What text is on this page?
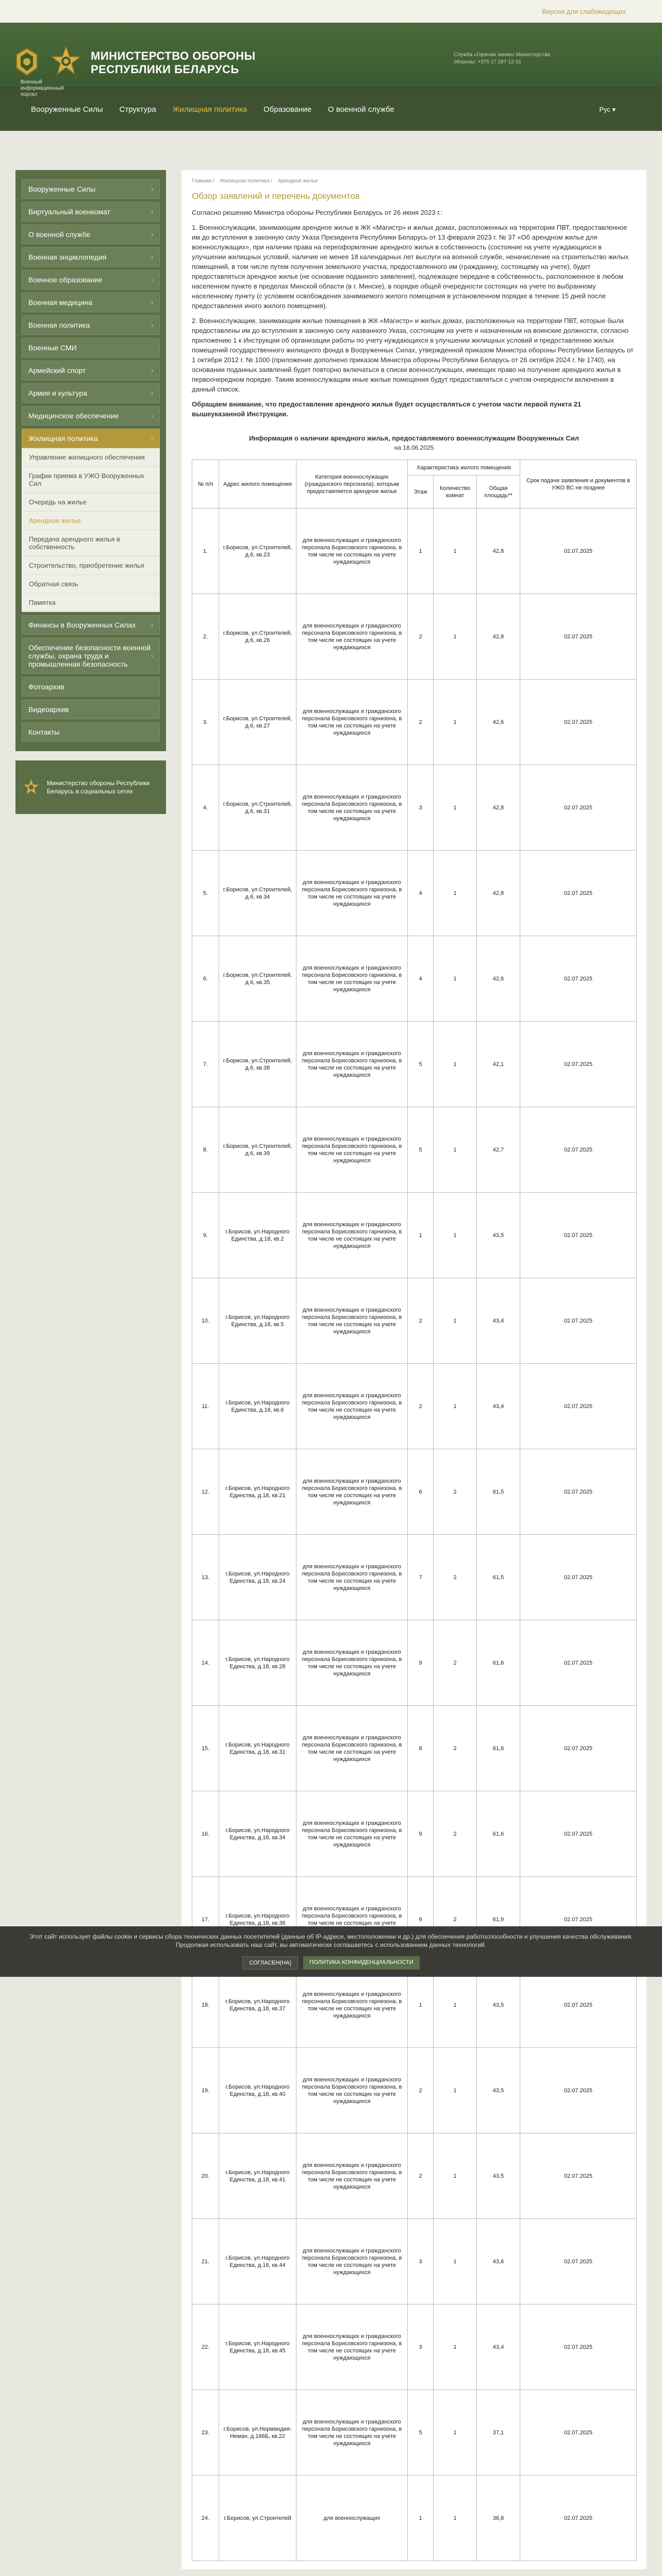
Версия для слабовидящих
Военный информационный портал
МИНИСТЕРСТВО ОБОРОНЫ
РЕСПУБЛИКИ БЕЛАРУСЬ
Служба «Горячая линия» Министерства обороны: +375 17 297-12-31
Вооруженные Силы	Структура	Жилищная политика	Образование	О военной службе	Рус ▾
Вооруженные Силы	›
Виртуальный военкомат	›
О военной службе	›
Военная энциклопедия	›
Военное образование	›
Военная медицина	›
Военная политика	›
Военные СМИ
Армейский спорт	›
Армия и культура	›
Медицинское обеспечение	›
Жилищная политика	‹
Управление жилищного обеспечения
График приема в УЖО Вооруженных Сил
Очередь на жилье
Арендное жилье
Передача арендного жилья в собственность
Строительство, приобретение жилья
Обратная связь
Памятка
Финансы в Вооруженных Силах ›
Обеспечение безопасности военной службы, охрана труда и промышленная безопасность
›
Фотоархив
Видеоархив
Контакты
Министерство обороны Республики Беларусь в социальных сетях
Главная / Жилищная политика / Арендное жилье
Обзор заявлений и перечень документов

Согласно решению Министра обороны Республики Беларусь от 26 июня 2023 г.:

1. Военнослужащим, занимающим арендное жилье в ЖК «Магистр» и жилых домах, расположенных на территории ПВТ, предоставленное им до вступления в законную силу Указа Президента Республики Беларусь от 13 февраля 2023 г. № 37 «Об арендном жилье для военнослужащих», при наличии права на переоформление арендного жилья в собственность (состояние на учете нуждающихся в улучшении жилищных условий, наличие не менее 18 календарных лет выслуги на военной службе, неначисление на строительство жилых помещений, в том числе путем получения земельного участка, предоставленного им (гражданину, состоящему на учете), будет предоставляться арендное жилье (не основание поданного заявления), подлежащее передаче в собственность, расположенное в любом населенном пункте в пределах Минской области (в г. Минске), в порядке общей очередности состоящих на учете по выбранному населенному пункту (с условием освобождения занимаемого жилого помещения в установленном порядке в течение 15 дней после предоставления иного жилого помещения).

2. Военнослужащим, занимающим жилые помещения в ЖК «Магистр» и жилых домах, расположенных на территории ПВТ, которые были предоставлены им до вступления в законную силу названного Указа, состоящим на учете и назначенным на воинские должности, согласно приложению 1 к Инструкции об организации работы по учету нуждающихся в улучшении жилищных условий и предоставлению жилых помещений государственного жилищного фонда в Вооруженных Силах, утвержденной приказом Министра обороны Республики Беларусь от 1 октября 2012 г. № 1000 (приложение дополнено приказом Министра обороны Республики Беларусь от 26 октября 2024 г. № 1740), на основании поданных заявлений будет повторно включаться в списки военнослужащих, имеющих право на получение арендного жилья в первоочередном порядке. Таким военнослужащим иные жилые помещения будут предоставляться с учетом очередности включения в данный список.

Обращаем внимание, что предоставление арендного жилья будет осуществляться с учетом части первой пункта 21 вышеуказанной Инструкции.

Информация о наличии арендного жилья, предоставляемого военнослужащим Вооруженных Сил
на 18.06.2025
№ п/п	Адрес жилого помещения	Категория военнослужащих (гражданского персонала), которым предоставляется арендное жилье	Характеристика жилого помещения			Срок подачи заявления и документов в УЖО ВС не позднее
			Этаж	Количество комнат	Общая площадь**	
1.	г.Борисов, ул.Строителей, д.6, кв.23	для военнослужащих и гражданского персонала Борисовского гарнизона, в том числе не состоящих на учете нуждающихся	1	1	42,8	02.07.2025
2.	г.Борисов, ул.Строителей, д.6, кв.26	для военнослужащих и гражданского персонала Борисовского гарнизона, в том числе не состоящих на учете нуждающихся	2	1	42,8	02.07.2025
3.	г.Борисов, ул.Строителей, д.6, кв.27	для военнослужащих и гражданского персонала Борисовского гарнизона, в том числе не состоящих на учете нуждающихся	2	1	42,6	02.07.2025
4.	г.Борисов, ул.Строителей, д.6, кв.31	для военнослужащих и гражданского персонала Борисовского гарнизона, в том числе не состоящих на учете нуждающихся	3	1	42,8	02.07.2025
5.	г.Борисов, ул.Строителей, д.6, кв.34	для военнослужащих и гражданского персонала Борисовского гарнизона, в том числе не состоящих на учете нуждающихся	4	1	42,8	02.07.2025
6.	г.Борисов, ул.Строителей, д.6, кв.35	для военнослужащих и гражданского персонала Борисовского гарнизона, в том числе не состоящих на учете нуждающихся	4	1	42,6	02.07.2025
7.	г.Борисов, ул.Строителей, д.6, кв.38	для военнослужащих и гражданского персонала Борисовского гарнизона, в том числе не состоящих на учете нуждающихся	5	1	42,1	02.07.2025
8.	г.Борисов, ул.Строителей, д.6, кв.39	для военнослужащих и гражданского персонала Борисовского гарнизона, в том числе не состоящих на учете нуждающихся	5	1	42,7	02.07.2025
9.	г.Борисов, ул.Народного Единства, д.18, кв.2	для военнослужащих и гражданского персонала Борисовского гарнизона, в том числе не состоящих на учете нуждающихся	1	1	43,5	02.07.2025
10.	г.Борисов, ул.Народного Единства, д.18, кв.5	для военнослужащих и гражданского персонала Борисовского гарнизона, в том числе не состоящих на учете нуждающихся	2	1	43,4	02.07.2025
11.	г.Борисов, ул.Народного Единства, д.18, кв.6	для военнослужащих и гражданского персонала Борисовского гарнизона, в том числе не состоящих на учете нуждающихся	2	1	43,4	02.07.2025
12.	г.Борисов, ул.Народного Единства, д.18, кв.21	для военнослужащих и гражданского персонала Борисовского гарнизона, в том числе не состоящих на учете нуждающихся	6	2	61,5	02.07.2025
13.	г.Борисов, ул.Народного Единства, д.18, кв.24	для военнослужащих и гражданского персонала Борисовского гарнизона, в том числе не состоящих на учете нуждающихся	7	2	61,5	02.07.2025
14.	г.Борисов, ул.Народного Единства, д.18, кв.28	для военнослужащих и гражданского персонала Борисовского гарнизона, в том числе не состоящих на учете нуждающихся	9	2	61,6	02.07.2025
15.	г.Борисов, ул.Народного Единства, д.18, кв.31	для военнослужащих и гражданского персонала Борисовского гарнизона, в том числе не состоящих на учете нуждающихся	8	2	61,6	02.07.2025
16.	г.Борисов, ул.Народного Единства, д.18, кв.34	для военнослужащих и гражданского персонала Борисовского гарнизона, в том числе не состоящих на учете нуждающихся	9	2	61,6	02.07.2025
17.	г.Борисов, ул.Народного Единства, д.18, кв.36	для военнослужащих и гражданского персонала Борисовского гарнизона, в том числе не состоящих на учете	9	2	61,9	02.07.2025
18.	г.Борисов, ул.Народного Единства, д.18, кв.37	для военнослужащих и гражданского персонала Борисовского гарнизона, в том числе не состоящих на учете нуждающихся	1	1	43,5	02.07.2025
19.	г.Борисов, ул.Народного Единства, д.18, кв.40	для военнослужащих и гражданского персонала Борисовского гарнизона, в том числе не состоящих на учете нуждающихся	2	1	43,5	02.07.2025
20.	г.Борисов, ул.Народного Единства, д.18, кв.41	для военнослужащих и гражданского персонала Борисовского гарнизона, в том числе не состоящих на учете нуждающихся	2	1	43,5	02.07.2025
21.	г.Борисов, ул.Народного Единства, д.18, кв.44	для военнослужащих и гражданского персонала Борисовского гарнизона, в том числе не состоящих на учете нуждающихся	3	1	43,6	02.07.2025
22.	г.Борисов, ул.Народного Единства, д.18, кв.45	для военнослужащих и гражданского персонала Борисовского гарнизона, в том числе не состоящих на учете нуждающихся	3	1	43,4	02.07.2025
23.	г.Борисов, ул.Нормандия-Неман, д.186Б, кв.22	для военнослужащих и гражданского персонала Борисовского гарнизона, в том числе не состоящих на учете нуждающихся	5	1	37,1	02.07.2025
24.	г.Борисов, ул.Строителей	для военнослужащих	1	1	36,8	02.07.2025
Этот сайт использует файлы cookie и сервисы сбора технических данных посетителей (данные об IP-адресе, местоположении и др.) для обеспечения работоспособности и улучшения качества обслуживания. Продолжая использовать наш сайт, вы автоматически соглашаетесь с использованием данных технологий.
СОГЛАСЕН(НА)	ПОЛИТИКА КОНФИДЕНЦИАЛЬНОСТИ
